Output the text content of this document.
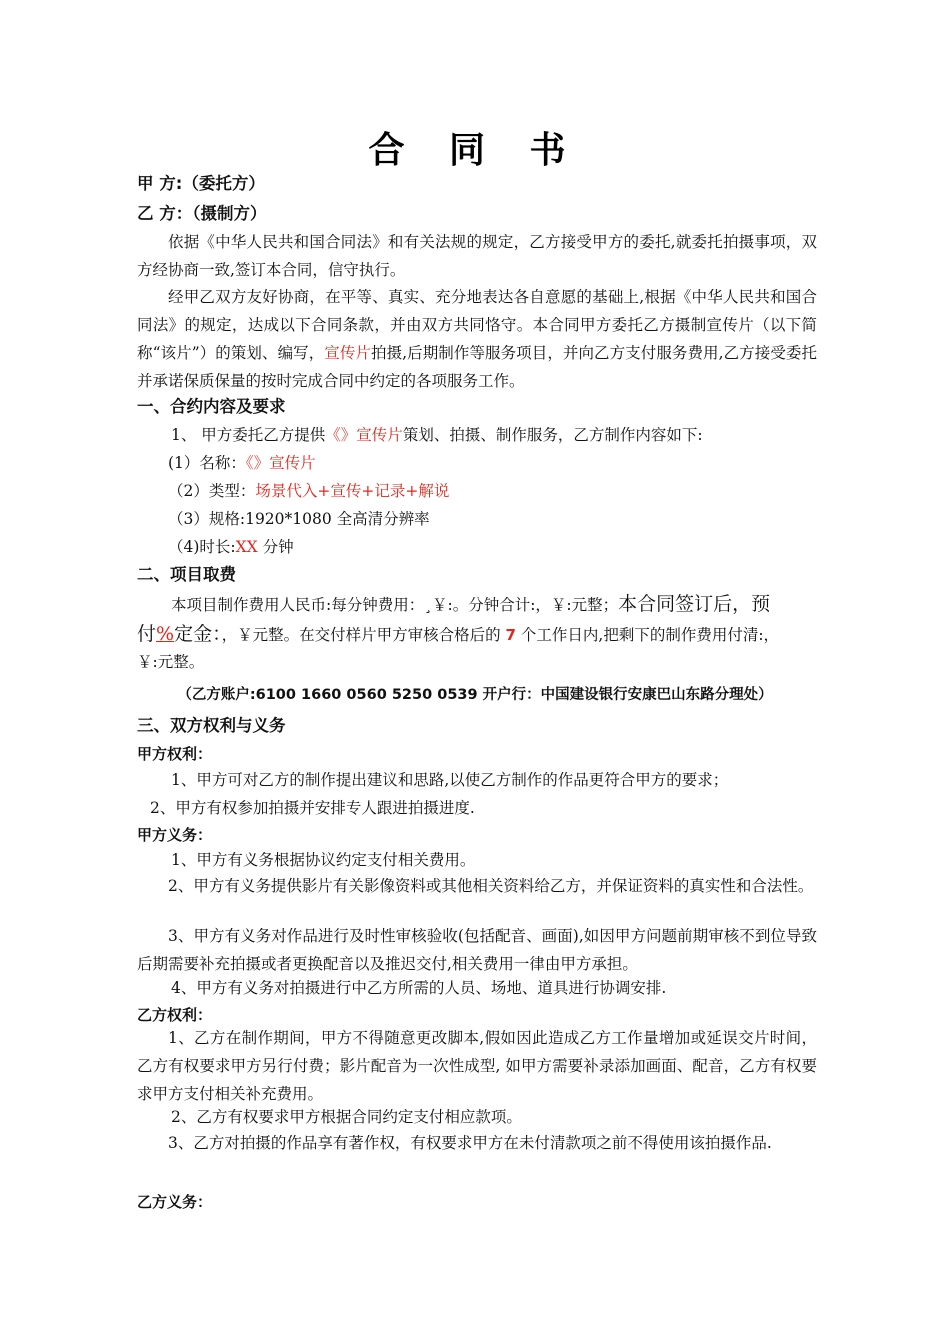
合 同 书
甲 方:（委托方）
乙 方：（摄制方）
依据《中华人民共和国合同法》和有关法规的规定，乙方接受甲方的委托,就委托拍摄事项，双方经协商一致,签订本合同，信守执行。
经甲乙双方友好协商，在平等、真实、充分地表达各自意愿的基础上,根据《中华人民共和国合同法》的规定，达成以下合同条款，并由双方共同恪守。本合同甲方委托乙方摄制宣传片（以下简称“该片”）的策划、编写，宣传片拍摄,后期制作等服务项目，并向乙方支付服务费用,乙方接受委托并承诺保质保量的按时完成合同中约定的各项服务工作。
一、合约内容及要求
1、 甲方委托乙方提供《》宣传片策划、拍摄、制作服务，乙方制作内容如下:
(1）名称：《》宣传片
（2）类型：场景代入+宣传+记录+解说
（3）规格:1920*1080 全高清分辨率
（4)时长:XX 分钟
二、项目取费
本项目制作费用人民币:每分钟费用：¸￥:。分钟合计:，￥:元整；本合同签订后，预
付%定金：，￥元整。在交付样片甲方审核合格后的 7 个工作日内,把剩下的制作费用付清:，
￥:元整。
（乙方账户:6100 1660 0560 5250 0539 开户行：中国建设银行安康巴山东路分理处）
三、双方权利与义务
甲方权利：
1、甲方可对乙方的制作提出建议和思路,以使乙方制作的作品更符合甲方的要求；
2、甲方有权参加拍摄并安排专人跟进拍摄进度.
甲方义务：
1、甲方有义务根据协议约定支付相关费用。
2、甲方有义务提供影片有关影像资料或其他相关资料给乙方，并保证资料的真实性和合法性。
3、甲方有义务对作品进行及时性审核验收(包括配音、画面),如因甲方问题前期审核不到位导致后期需要补充拍摄或者更换配音以及推迟交付,相关费用一律由甲方承担。
4、甲方有义务对拍摄进行中乙方所需的人员、场地、道具进行协调安排.
乙方权利：
1、乙方在制作期间，甲方不得随意更改脚本,假如因此造成乙方工作量增加或延误交片时间，乙方有权要求甲方另行付费；影片配音为一次性成型, 如甲方需要补录添加画面、配音，乙方有权要求甲方支付相关补充费用。
2、乙方有权要求甲方根据合同约定支付相应款项。
3、乙方对拍摄的作品享有著作权，有权要求甲方在未付清款项之前不得使用该拍摄作品.
乙方义务：
